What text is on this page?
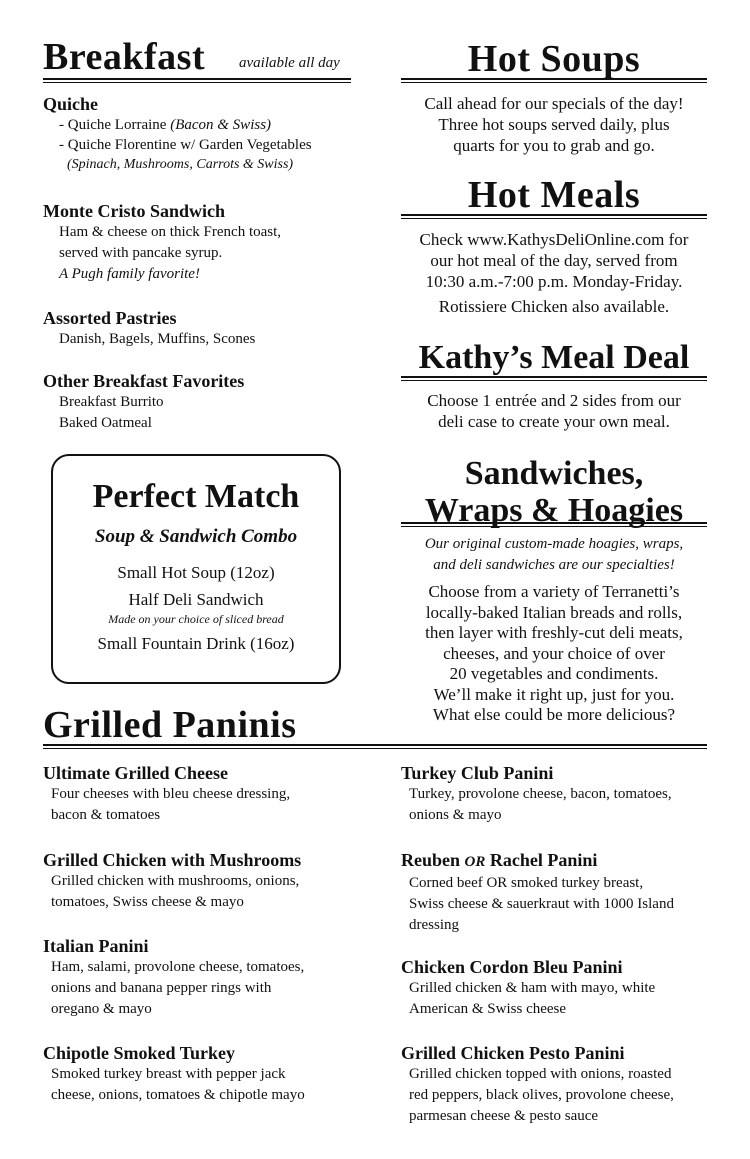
Breakfast available all day
Quiche
- Quiche Lorraine (Bacon & Swiss)
- Quiche Florentine w/ Garden Vegetables
(Spinach, Mushrooms, Carrots & Swiss)
Monte Cristo Sandwich
Ham & cheese on thick French toast,
served with pancake syrup.
A Pugh family favorite!
Assorted Pastries
Danish, Bagels, Muffins, Scones
Other Breakfast Favorites
Breakfast Burrito
Baked Oatmeal
Perfect Match
Soup & Sandwich Combo
Small Hot Soup (12oz)
Half Deli Sandwich
Made on your choice of sliced bread
Small Fountain Drink (16oz)
Hot Soups
Call ahead for our specials of the day!
Three hot soups served daily, plus
quarts for you to grab and go.
Hot Meals
Check www.KathysDeliOnline.com for
our hot meal of the day, served from
10:30 a.m.-7:00 p.m. Monday-Friday.
Rotissiere Chicken also available.
Kathy’s Meal Deal
Choose 1 entrée and 2 sides from our
deli case to create your own meal.
Sandwiches,
Wraps & Hoagies
Our original custom-made hoagies, wraps,
and deli sandwiches are our specialties!
Choose from a variety of Terranetti’s
locally-baked Italian breads and rolls,
then layer with freshly-cut deli meats,
cheeses, and your choice of over
20 vegetables and condiments.
We’ll make it right up, just for you.
What else could be more delicious?
Grilled Paninis
Ultimate Grilled Cheese
Four cheeses with bleu cheese dressing,
bacon & tomatoes
Grilled Chicken with Mushrooms
Grilled chicken with mushrooms, onions,
tomatoes, Swiss cheese & mayo
Italian Panini
Ham, salami, provolone cheese, tomatoes,
onions and banana pepper rings with
oregano & mayo
Chipotle Smoked Turkey
Smoked turkey breast with pepper jack
cheese, onions, tomatoes & chipotle mayo
Turkey Club Panini
Turkey, provolone cheese, bacon, tomatoes,
onions & mayo
Reuben OR Rachel Panini
Corned beef OR smoked turkey breast,
Swiss cheese & sauerkraut with 1000 Island
dressing
Chicken Cordon Bleu Panini
Grilled chicken & ham with mayo, white
American & Swiss cheese
Grilled Chicken Pesto Panini
Grilled chicken topped with onions, roasted
red peppers, black olives, provolone cheese,
parmesan cheese & pesto sauce
